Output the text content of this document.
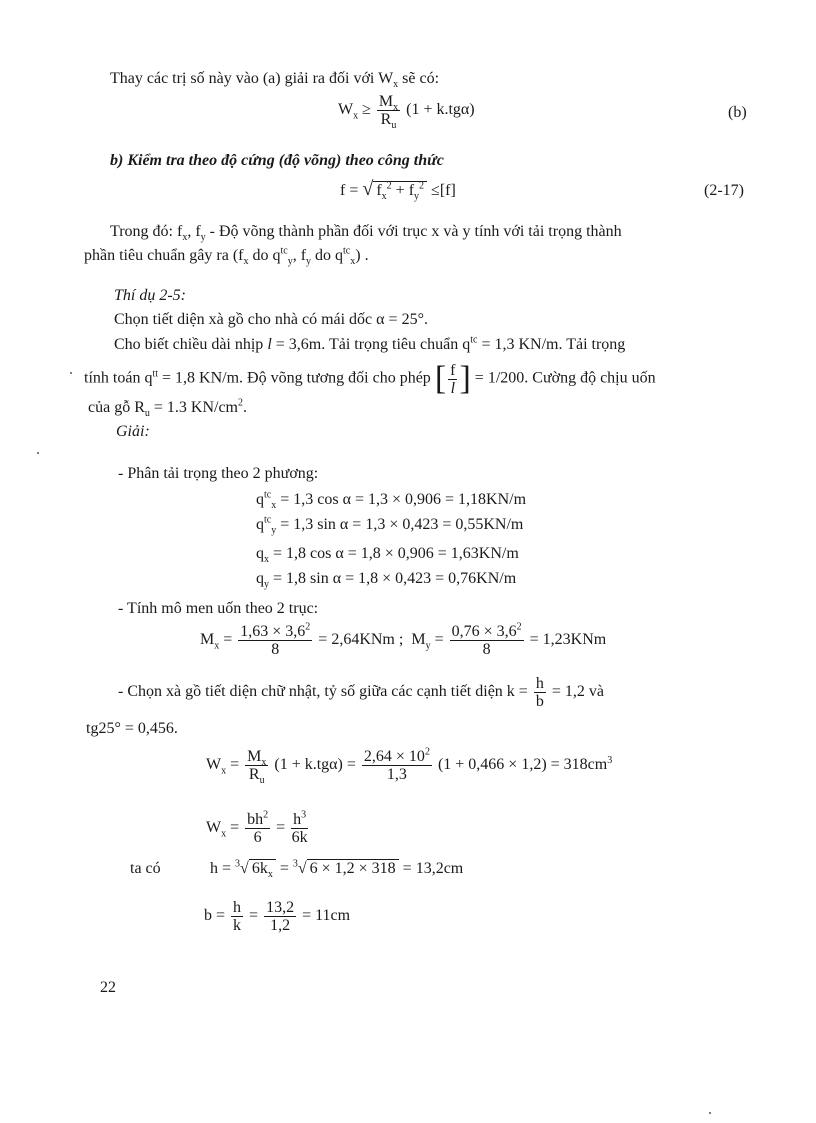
Thay các trị số này vào (a) giải ra đối với $W_x$ sẽ có:
$W_x \ge \frac{M_x}{R_u} (1 + k.tg\alpha)$	(b)
b) Kiểm tra theo độ cứng (độ võng) theo công thức
f = √ $f_x^2 + f_y^2 \le[f]$	(2-17)
Trong đó: $f_x$, $f_y$ - Độ võng thành phần đối với trục x và y tính với tải trọng thành
phần tiêu chuẩn gây ra ($f_x$ do $q^{tc}_y$, $f_y$ do $q^{tc}_x$) .
Thí dụ 2-5:
Chọn tiết diện xà gồ cho nhà có mái dốc α = 25°.
Cho biết chiều dài nhịp l = 3,6m. Tải trọng tiêu chuẩn $q^{tc} = 1,3$ KN/m. Tải trọng
tính toán $q^{tt} = 1,8$ KN/m. Độ võng tương đối cho phép [ $\frac{f}{l}$ ] = 1/200. Cường độ chịu uốn
của gỗ $R_u = 1.3$ $KN/cm^2$.
Giải:
- Phân tải trọng theo 2 phương:
$q^{tc}_x = 1,3$ cos α = 1,3 × 0,906 = 1,18KN/m
$q^{tc}_y = 1,3$ sin α = 1,3 × 0,423 = 0,55KN/m
$q_x = 1,8$ cos α = 1,8 × 0,906 = 1,63KN/m
$q_y = 1,8$ sin α = 1,8 × 0,423 = 0,76KN/m
- Tính mô men uốn theo 2 trục:
$M_x = \frac{1,63 \times 3,6^2}{8} = 2,64KNm$ ; $M_y = \frac{0,76 \times 3,6^2}{8} = 1,23KNm$
- Chọn xà gồ tiết diện chữ nhật, tỷ số giữa các cạnh tiết diện $k = \frac{h}{b} = 1,2$ và
tg25° = 0,456.
$W_x = \frac{M_x}{R_u} (1 + k.tg\alpha) = \frac{2,64 \times 10^2}{1,3} (1 + 0,466 \times 1,2) = 318cm^3$
$W_x = \frac{bh^2}{6} = \frac{h^3}{6k}$
ta có	h = $^3$√ $6k_x = ^3√$ 6 × 1,2 × 318 = 13,2cm
$b = \frac{h}{k} = \frac{13,2}{1,2} = 11cm$
22
